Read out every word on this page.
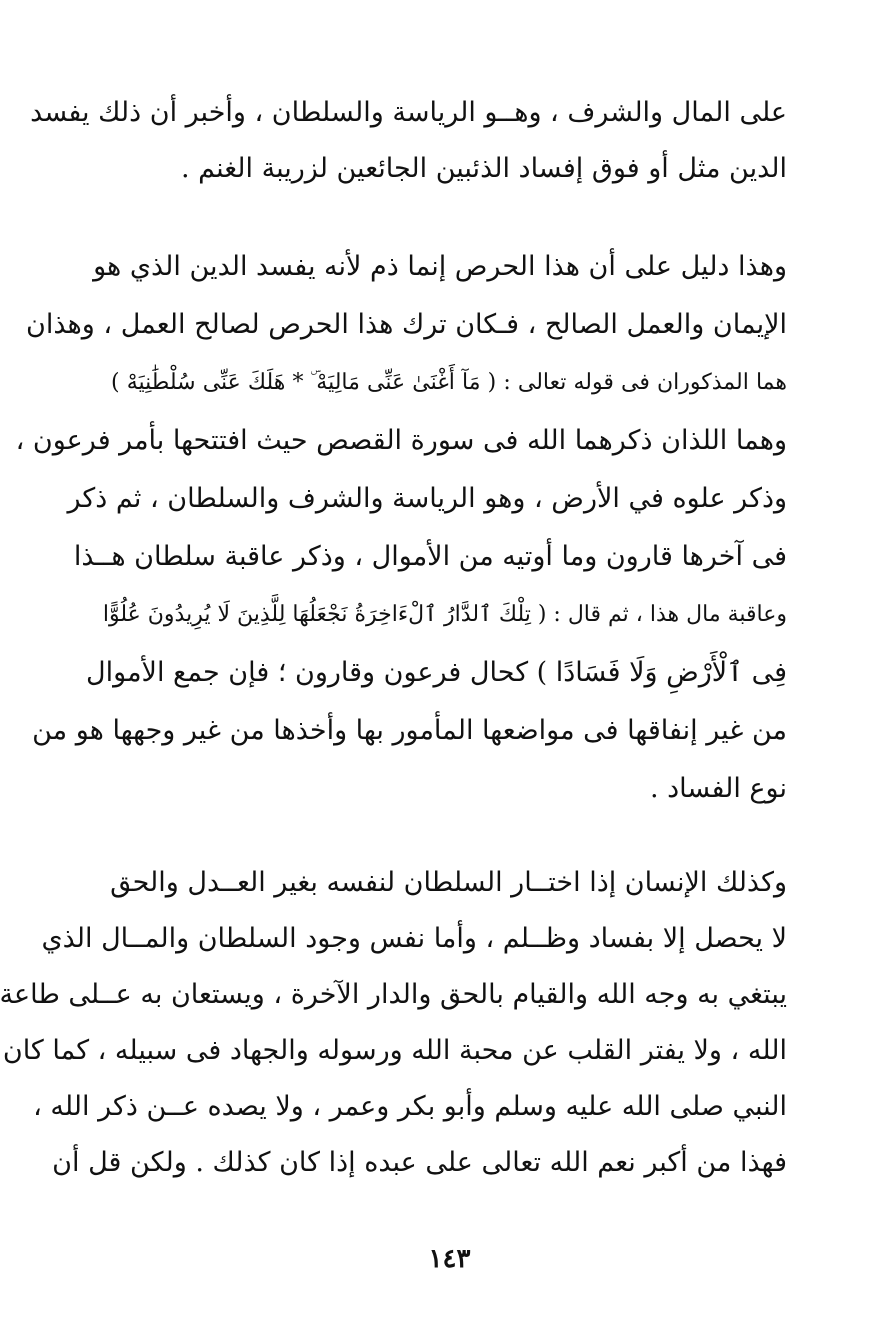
على المال والشرف ، وهــو الرياسة والسلطان ، وأخبر أن ذلك يفسد
الدين مثل أو فوق إفساد الذئبين الجائعين لزريبة الغنم .
وهذا دليل على أن هذا الحرص إنما ذم لأنه يفسد الدين الذي هو
الإيمان والعمل الصالح ، فـكان ترك هذا الحرص لصالح العمل ، وهذان
هما المذكوران فى قوله تعالى : ( مَآ أَغْنَىٰ عَنِّى مَالِيَهْ ۜ * هَلَكَ عَنِّى سُلْطَٰنِيَهْ )
وهما اللذان ذكرهما الله فى سورة القصص حيث افتتحها بأمر فرعون ،
وذكر علوه في الأرض ، وهو الرياسة والشرف والسلطان ، ثم ذكر
فى آخرها قارون وما أوتيه من الأموال ، وذكر عاقبة سلطان هــذا
وعاقبة مال هذا ، ثم قال : ( تِلْكَ ٱلدَّارُ ٱلْءَاخِرَةُ نَجْعَلُهَا لِلَّذِينَ لَا يُرِيدُونَ عُلُوًّا
فِى ٱلْأَرْضِ وَلَا فَسَادًا ) كحال فرعون وقارون ؛ فإن جمع الأموال
من غير إنفاقها فى مواضعها المأمور بها وأخذها من غير وجهها هو من
نوع الفساد .
وكذلك الإنسان إذا اختــار السلطان لنفسه بغير العــدل والحق
لا يحصل إلا بفساد وظــلم ، وأما نفس وجود السلطان والمــال الذي
يبتغي به وجه الله والقيام بالحق والدار الآخرة ، ويستعان به عــلى طاعة
الله ، ولا يفتر القلب عن محبة الله ورسوله والجهاد فى سبيله ، كما كان
النبي صلى الله عليه وسلم وأبو بكر وعمر ، ولا يصده عــن ذكر الله ،
فهذا من أكبر نعم الله تعالى على عبده إذا كان كذلك . ولكن قل أن
١٤٣
